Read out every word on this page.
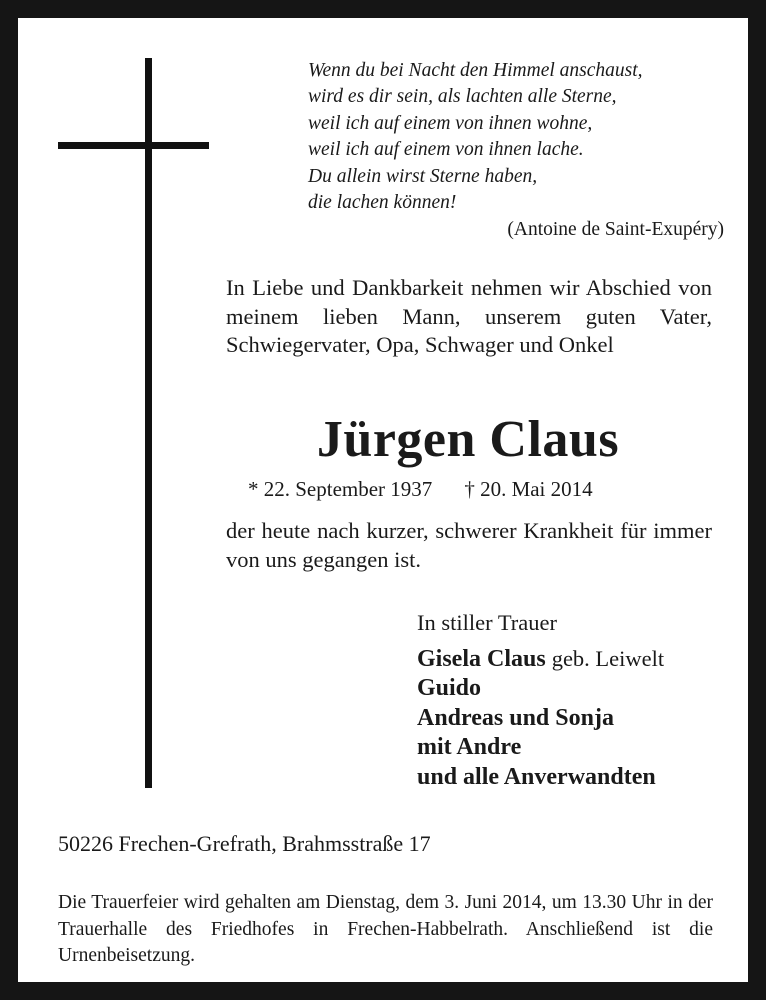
Wenn du bei Nacht den Himmel anschaust,
wird es dir sein, als lachten alle Sterne,
weil ich auf einem von ihnen wohne,
weil ich auf einem von ihnen lache.
Du allein wirst Sterne haben,
die lachen können!
(Antoine de Saint-Exupéry)
In Liebe und Dankbarkeit nehmen wir Abschied von meinem lieben Mann, unserem guten Vater, Schwiegervater, Opa, Schwager und Onkel
Jürgen Claus
* 22. September 1937 † 20. Mai 2014
der heute nach kurzer, schwerer Krankheit für immer von uns gegangen ist.
In stiller Trauer
Gisela Claus geb. Leiwelt
Guido
Andreas und Sonja
mit Andre
und alle Anverwandten
50226 Frechen-Grefrath, Brahmsstraße 17
Die Trauerfeier wird gehalten am Dienstag, dem 3. Juni 2014, um 13.30 Uhr in der Trauerhalle des Friedhofes in Frechen-Habbelrath. Anschließend ist die Urnenbeisetzung.
